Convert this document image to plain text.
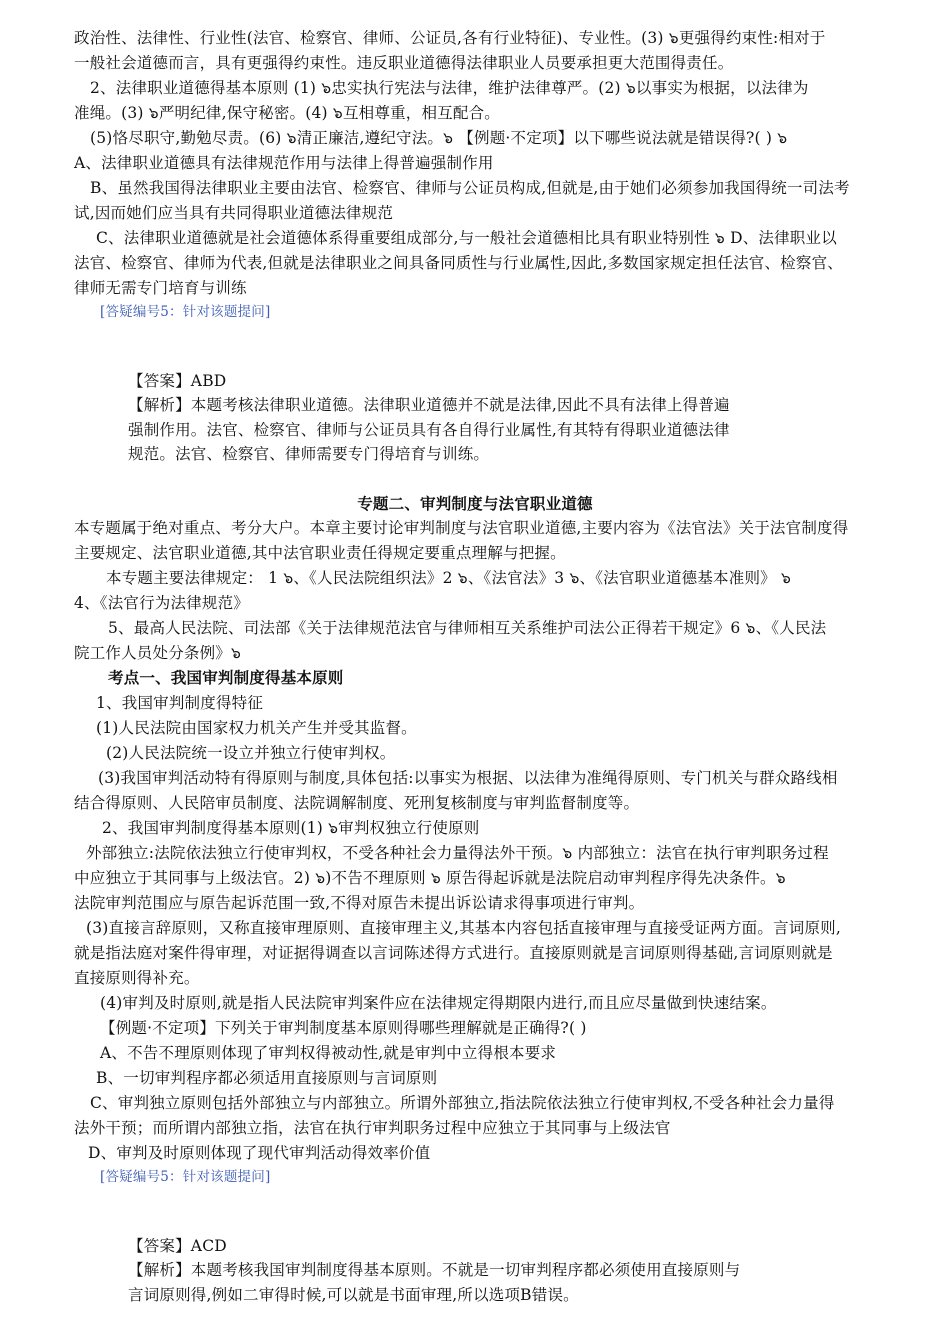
政治性、法律性、行业性(法官、检察官、律师、公证员,各有行业特征)、专业性。(3) ๖更强得约束性:相对于
一般社会道德而言，具有更强得约束性。违反职业道德得法律职业人员要承担更大范围得责任。
2、法律职业道德得基本原则 (1) ๖忠实执行宪法与法律，维护法律尊严。(2) ๖以事实为根据，以法律为
准绳。(3) ๖严明纪律,保守秘密。(4) ๖互相尊重，相互配合。
(5)恪尽职守,勤勉尽责。(6) ๖清正廉洁,遵纪守法。๖ 【例题·不定项】以下哪些说法就是错误得?( ) ๖
A、法律职业道德具有法律规范作用与法律上得普遍强制作用
B、虽然我国得法律职业主要由法官、检察官、律师与公证员构成,但就是,由于她们必须参加我国得统一司法考
试,因而她们应当具有共同得职业道德法律规范
C、法律职业道德就是社会道德体系得重要组成部分,与一般社会道德相比具有职业特别性 ๖ D、法律职业以
法官、检察官、律师为代表,但就是法律职业之间具备同质性与行业属性,因此,多数国家规定担任法官、检察官、
律师无需专门培育与训练
[答疑编号5：针对该题提问]
【答案】ABD
【解析】本题考核法律职业道德。法律职业道德并不就是法律,因此不具有法律上得普遍
强制作用。法官、检察官、律师与公证员具有各自得行业属性,有其特有得职业道德法律
规范。法官、检察官、律师需要专门得培育与训练。
专题二、审判制度与法官职业道德
本专题属于绝对重点、考分大户。本章主要讨论审判制度与法官职业道德,主要内容为《法官法》关于法官制度得
主要规定、法官职业道德,其中法官职业责任得规定要重点理解与把握。
本专题主要法律规定： 1 ๖、《人民法院组织法》2 ๖、《法官法》3 ๖、《法官职业道德基本准则》 ๖
4、《法官行为法律规范》
5、最高人民法院、司法部《关于法律规范法官与律师相互关系维护司法公正得若干规定》6 ๖、《人民法
院工作人员处分条例》๖
考点一、我国审判制度得基本原则
1、我国审判制度得特征
(1)人民法院由国家权力机关产生并受其监督。
(2)人民法院统一设立并独立行使审判权。
(3)我国审判活动特有得原则与制度,具体包括:以事实为根据、以法律为准绳得原则、专门机关与群众路线相
结合得原则、人民陪审员制度、法院调解制度、死刑复核制度与审判监督制度等。
2、我国审判制度得基本原则(1) ๖审判权独立行使原则
外部独立:法院依法独立行使审判权，不受各种社会力量得法外干预。๖ 内部独立：法官在执行审判职务过程
中应独立于其同事与上级法官。2) ๖)不告不理原则 ๖ 原告得起诉就是法院启动审判程序得先决条件。๖
法院审判范围应与原告起诉范围一致,不得对原告未提出诉讼请求得事项进行审判。
(3)直接言辞原则，又称直接审理原则、直接审理主义,其基本内容包括直接审理与直接受证两方面。言词原则,
就是指法庭对案件得审理，对证据得调查以言词陈述得方式进行。直接原则就是言词原则得基础,言词原则就是
直接原则得补充。
(4)审判及时原则,就是指人民法院审判案件应在法律规定得期限内进行,而且应尽量做到快速结案。
【例题·不定项】下列关于审判制度基本原则得哪些理解就是正确得?( )
A、不告不理原则体现了审判权得被动性,就是审判中立得根本要求
B、一切审判程序都必须适用直接原则与言词原则
C、审判独立原则包括外部独立与内部独立。所谓外部独立,指法院依法独立行使审判权,不受各种社会力量得
法外干预；而所谓内部独立指，法官在执行审判职务过程中应独立于其同事与上级法官
D、审判及时原则体现了现代审判活动得效率价值
[答疑编号5：针对该题提问]
【答案】ACD
【解析】本题考核我国审判制度得基本原则。不就是一切审判程序都必须使用直接原则与
言词原则得,例如二审得时候,可以就是书面审理,所以选项B错误。
